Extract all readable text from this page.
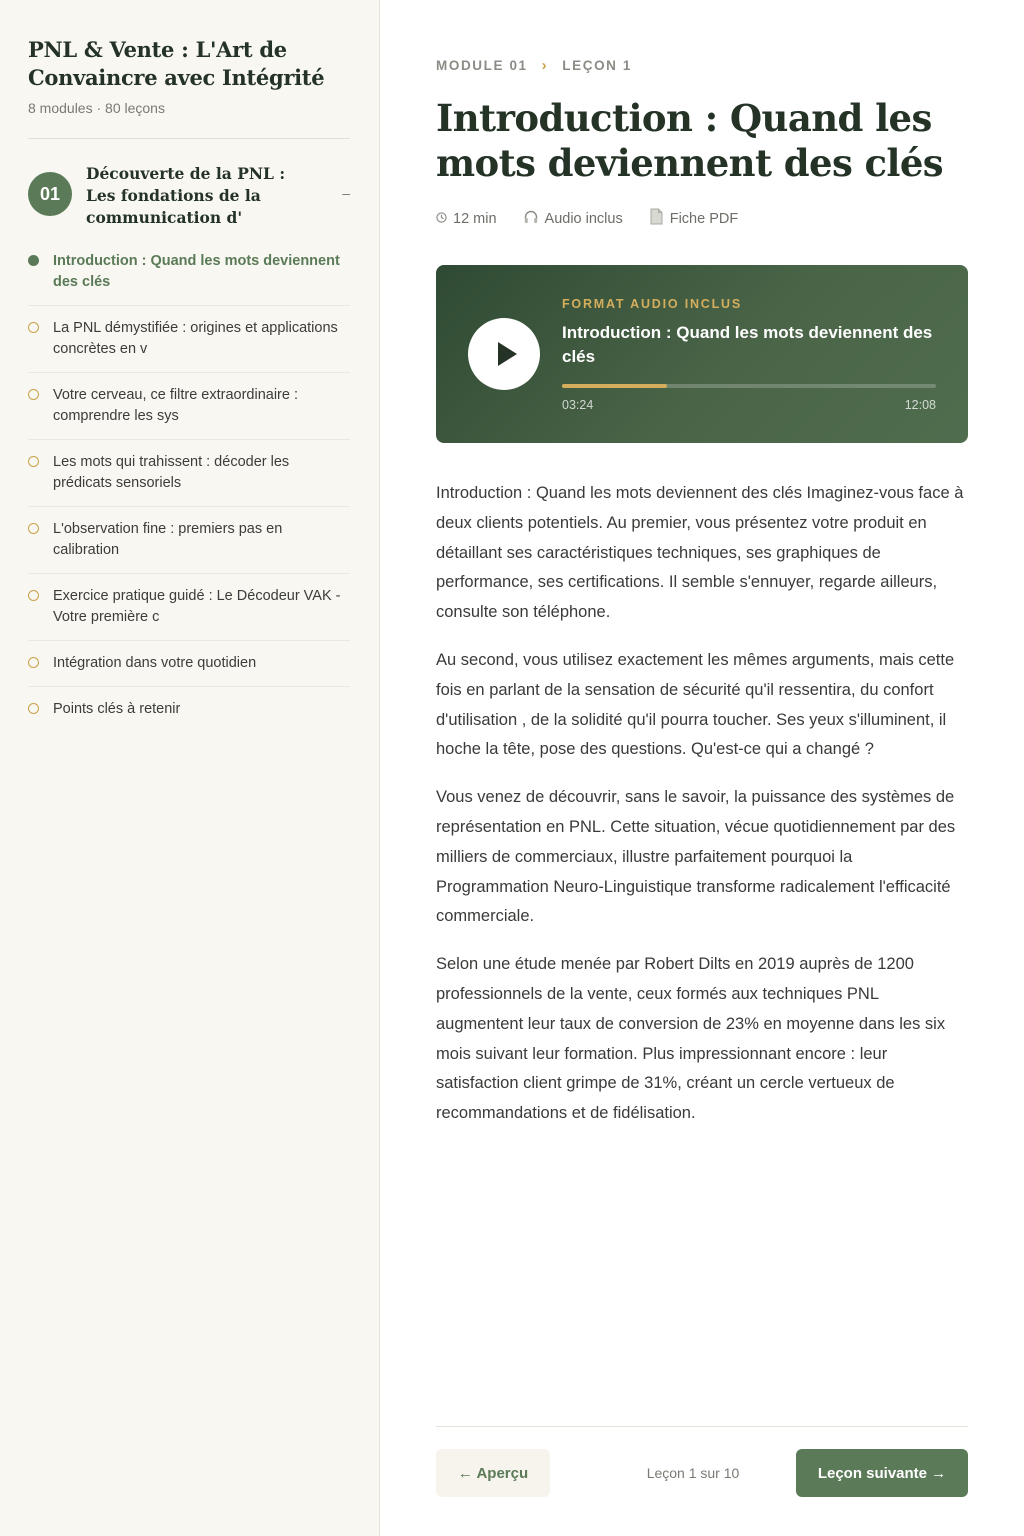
PNL & Vente : L'Art de Convaincre avec Intégrité
8 modules · 80 leçons
01
Découverte de la PNL : Les fondations de la communication d'
–
Introduction : Quand les mots deviennent des clés
La PNL démystifiée : origines et applications concrètes en v
Votre cerveau, ce filtre extraordinaire : comprendre les sys
Les mots qui trahissent : décoder les prédicats sensoriels
L'observation fine : premiers pas en calibration
Exercice pratique guidé : Le Décodeur VAK - Votre première c
Intégration dans votre quotidien
Points clés à retenir
MODULE 01 › LEÇON 1
Introduction : Quand les mots deviennent des clés
12 min	Audio inclus	Fiche PDF
FORMAT AUDIO INCLUS
Introduction : Quand les mots deviennent des clés
03:24	12:08

Introduction : Quand les mots deviennent des clés Imaginez-vous face à deux clients potentiels. Au premier, vous présentez votre produit en détaillant ses caractéristiques techniques, ses graphiques de performance, ses certifications. Il semble s'ennuyer, regarde ailleurs, consulte son téléphone.

Au second, vous utilisez exactement les mêmes arguments, mais cette fois en parlant de la sensation de sécurité qu'il ressentira, du confort d'utilisation , de la solidité qu'il pourra toucher. Ses yeux s'illuminent, il hoche la tête, pose des questions. Qu'est-ce qui a changé ?

Vous venez de découvrir, sans le savoir, la puissance des systèmes de représentation en PNL. Cette situation, vécue quotidiennement par des milliers de commerciaux, illustre parfaitement pourquoi la Programmation Neuro-Linguistique transforme radicalement l'efficacité commerciale.

Selon une étude menée par Robert Dilts en 2019 auprès de 1200 professionnels de la vente, ceux formés aux techniques PNL augmentent leur taux de conversion de 23% en moyenne dans les six mois suivant leur formation. Plus impressionnant encore : leur satisfaction client grimpe de 31%, créant un cercle vertueux de recommandations et de fidélisation.

← Aperçu	Leçon 1 sur 10	Leçon suivante →
